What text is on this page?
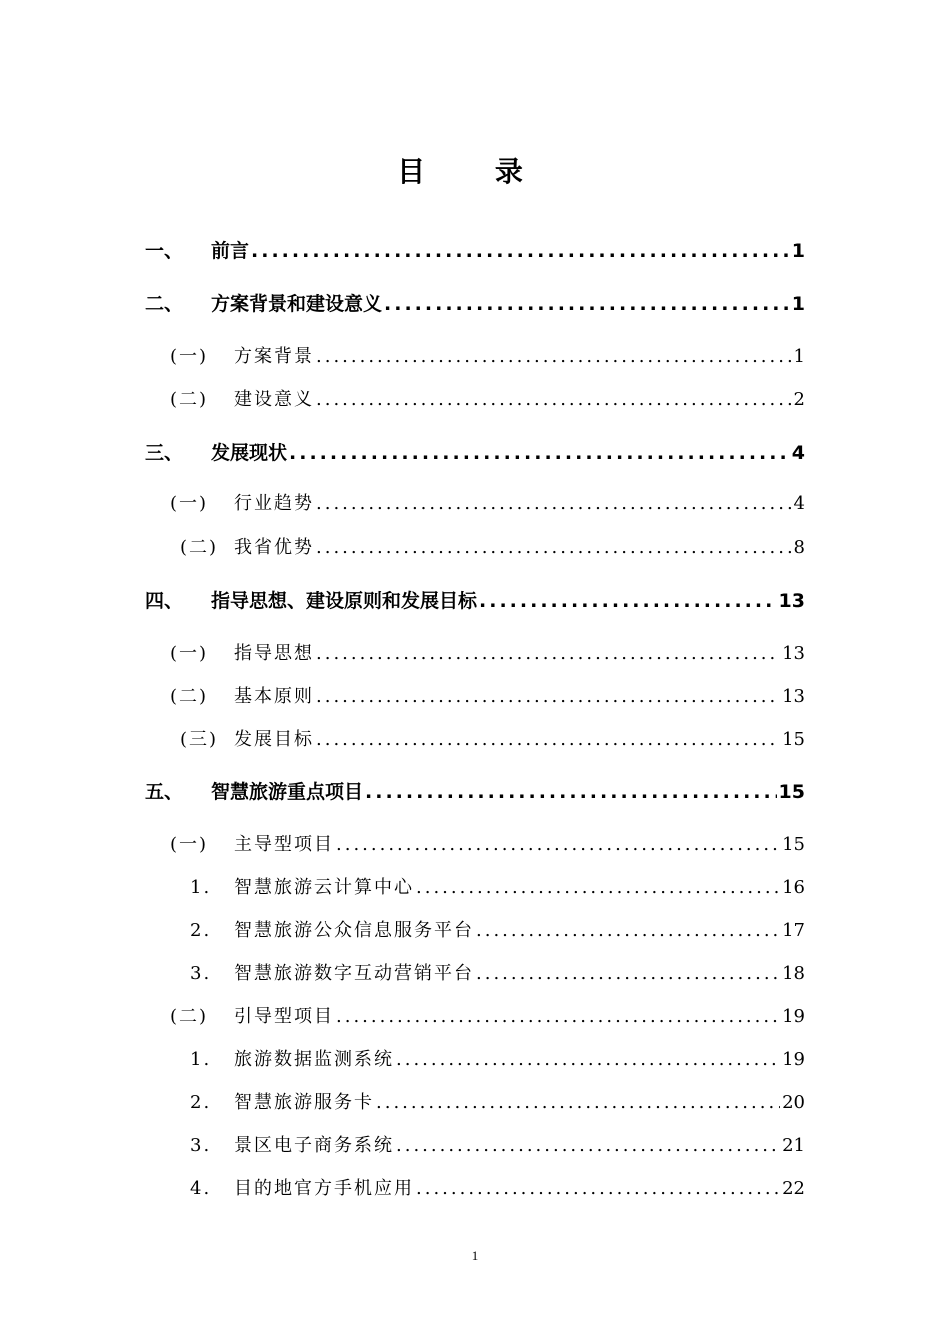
目 录
一、	前言 .....	1
二、	方案背景和建设意义 .....	1
(一)	方案背景 .....	1
(二)	建设意义 .....	2
三、	发展现状 .....	4
(一)	行业趋势 .....	4
(二) 我省优势 .....	8
四、	指导思想、建设原则和发展目标 .....	13
(一)	指导思想 .....	13
(二)	基本原则 .....	13
(三) 发展目标 .....	15
五、	智慧旅游重点项目 .....	15
(一)	主导型项目 .....	15
1.	智慧旅游云计算中心 .....	16
2.	智慧旅游公众信息服务平台 .....	17
3.	智慧旅游数字互动营销平台 .....	18
(二)	引导型项目 .....	19
1.	旅游数据监测系统 .....	19
2.	智慧旅游服务卡 .....	20
3.	景区电子商务系统 .....	21
4.	目的地官方手机应用 .....	22
1
